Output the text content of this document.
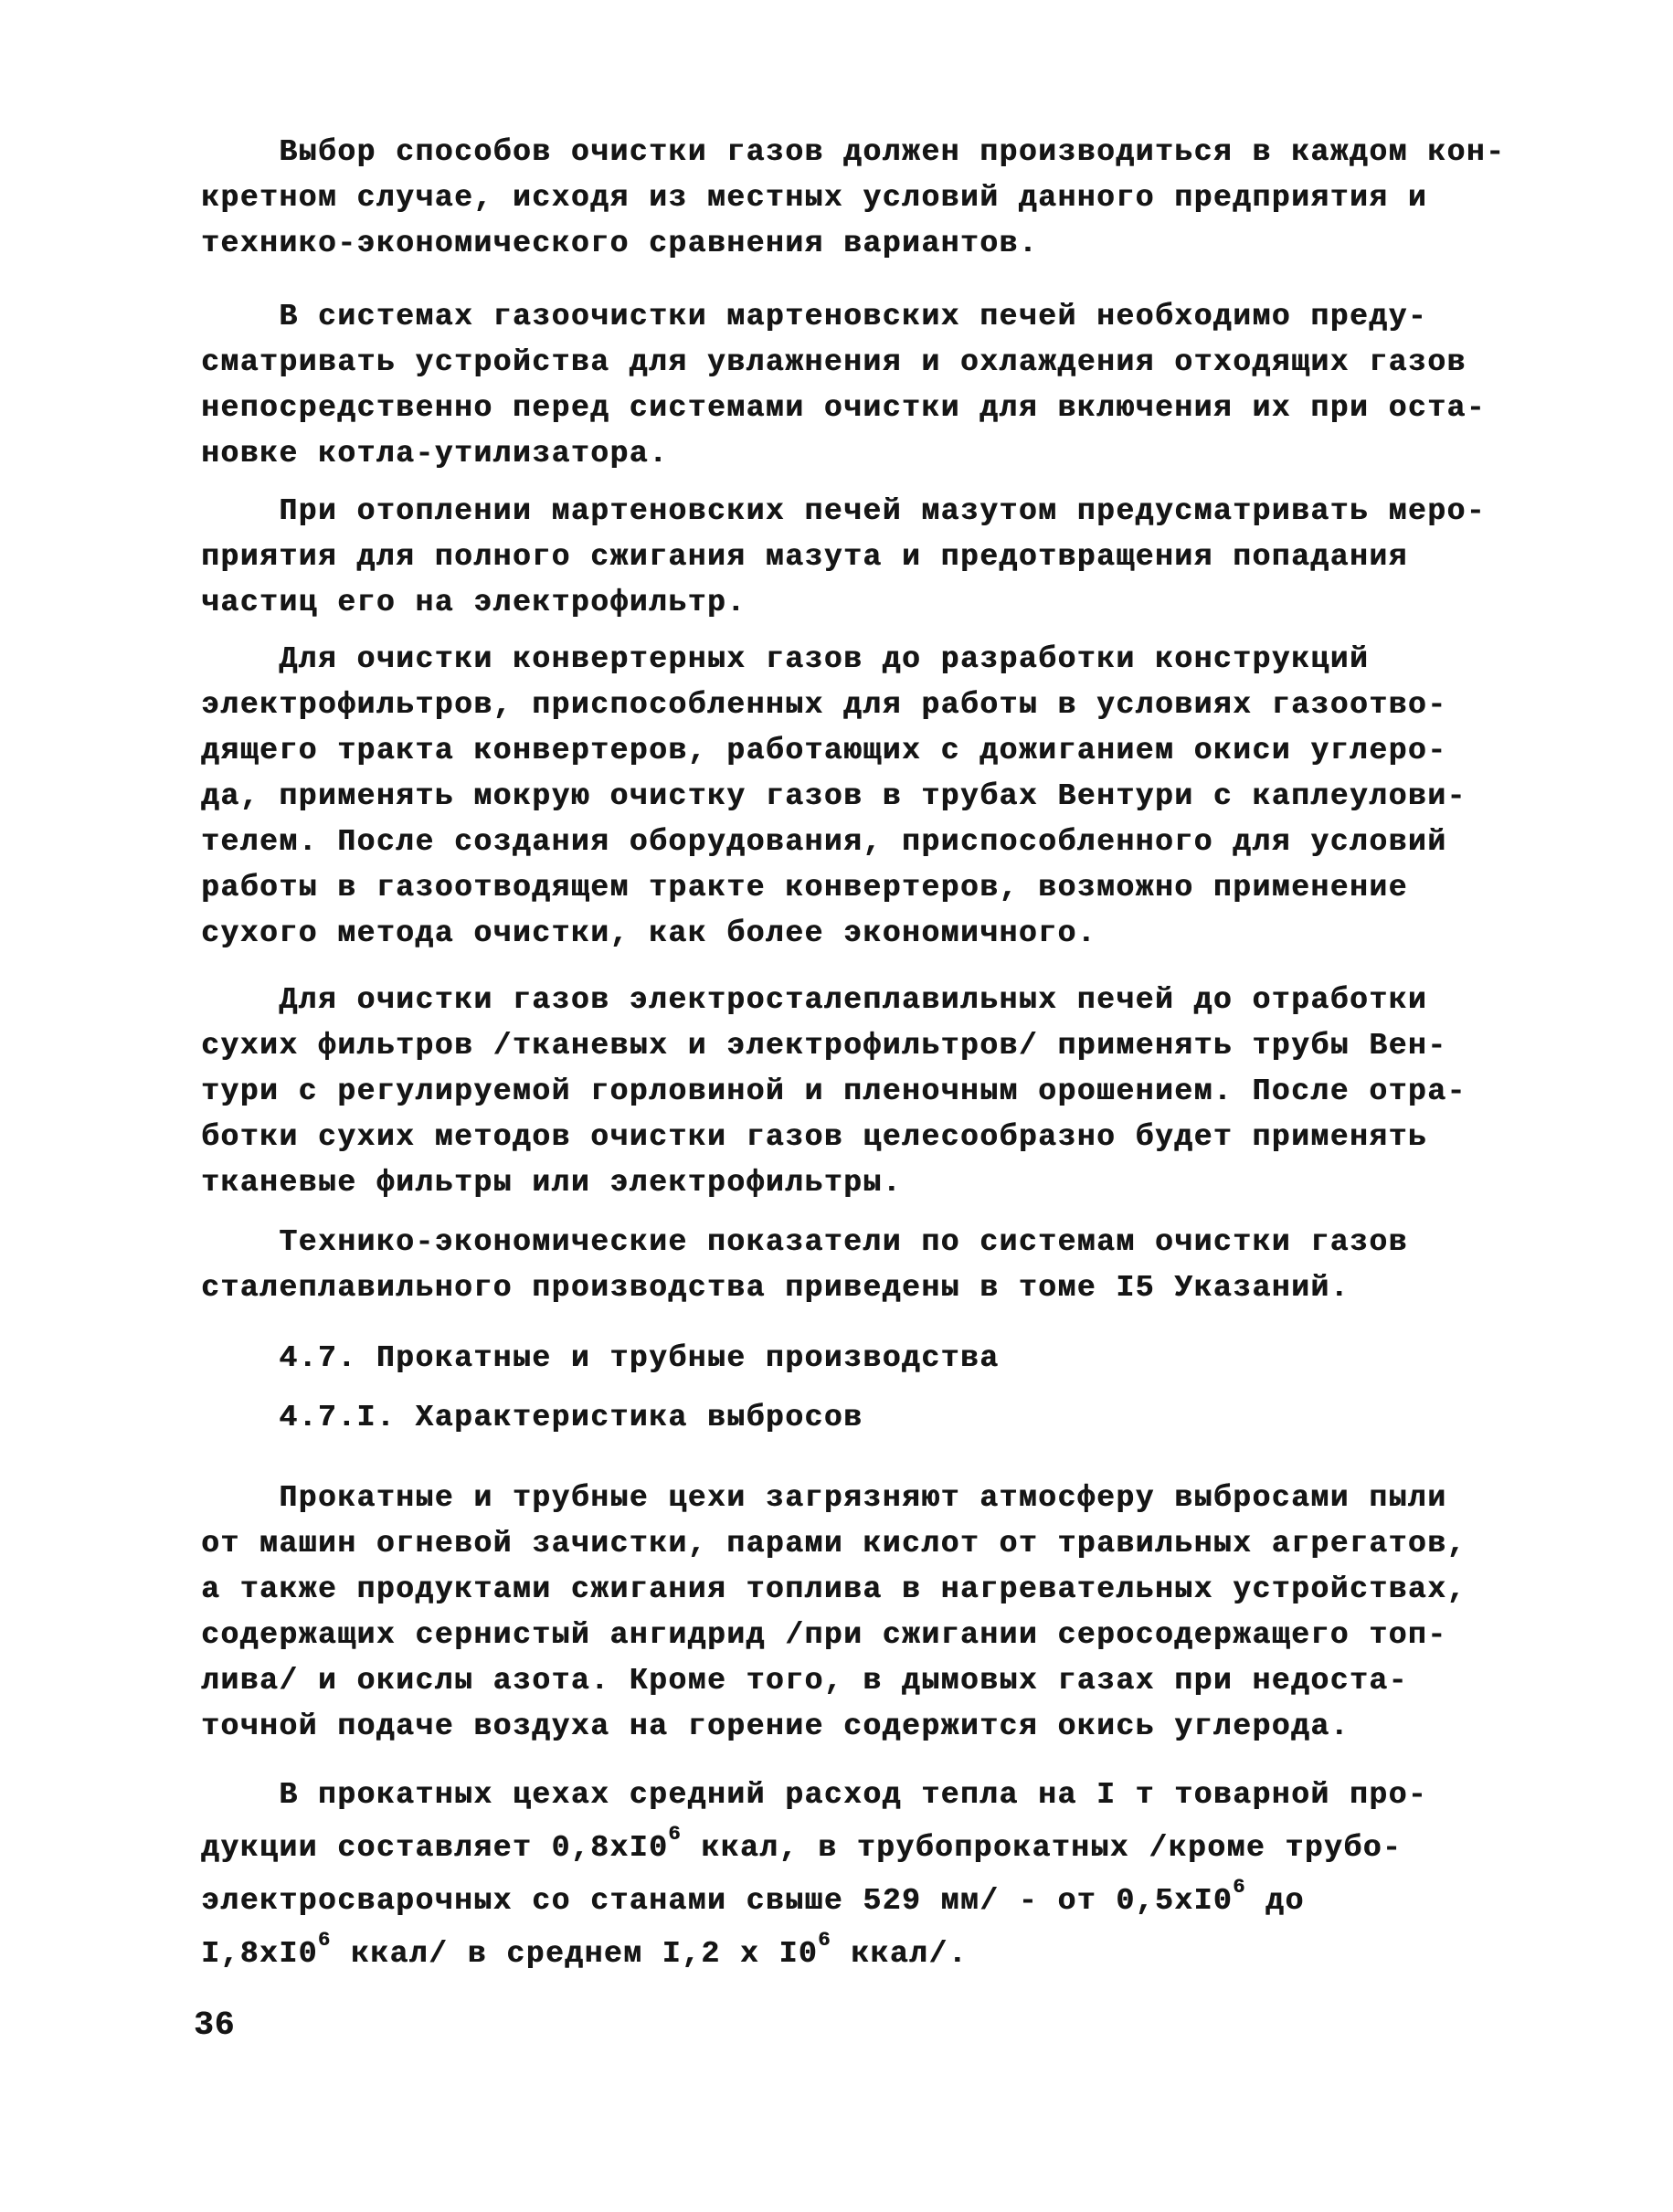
Выбор способов очистки газов должен производиться в каждом кон-
кретном случае, исходя из местных условий данного предприятия и
технико-экономического сравнения вариантов.
В системах газоочистки мартеновских печей необходимо преду-
сматривать устройства для увлажнения и охлаждения отходящих газов
непосредственно перед системами очистки для включения их при оста-
новке котла-утилизатора.
При отоплении мартеновских печей мазутом предусматривать меро-
приятия для полного сжигания мазута и предотвращения попадания
частиц его на электрофильтр.
Для очистки конвертерных газов до разработки конструкций
электрофильтров, приспособленных для работы в условиях газоотво-
дящего тракта конвертеров, работающих с дожиганием окиси углеро-
да, применять мокрую очистку газов в трубах Вентури с каплеулови-
телем. После создания оборудования, приспособленного для условий
работы в газоотводящем тракте конвертеров, возможно применение
сухого метода очистки, как более экономичного.
Для очистки газов электросталеплавильных печей до отработки
сухих фильтров /тканевых и электрофильтров/ применять трубы Вен-
тури с регулируемой горловиной и пленочным орошением. После отра-
ботки сухих методов очистки газов целесообразно будет применять
тканевые фильтры или электрофильтры.
Технико-экономические показатели по системам очистки газов
сталеплавильного производства приведены в томе I5 Указаний.
4.7. Прокатные и трубные производства
4.7.I. Характеристика выбросов
Прокатные и трубные цехи загрязняют атмосферу выбросами пыли
от машин огневой зачистки, парами кислот от травильных агрегатов,
а также продуктами сжигания топлива в нагревательных устройствах,
содержащих сернистый ангидрид /при сжигании серосодержащего топ-
лива/ и окислы азота. Кроме того, в дымовых газах при недоста-
точной подаче воздуха на горение содержится окись углерода.
В прокатных цехах средний расход тепла на I т товарной про-
дукции составляет $0,8хI0^6$ ккал, в трубопрокатных /кроме трубо-
электросварочных со станами свыше 529 мм/ - от $0,5хI0^6$ до
$I,8хI0^6$ ккал/ в среднем I,2 х $I0^6$ ккал/.
36
